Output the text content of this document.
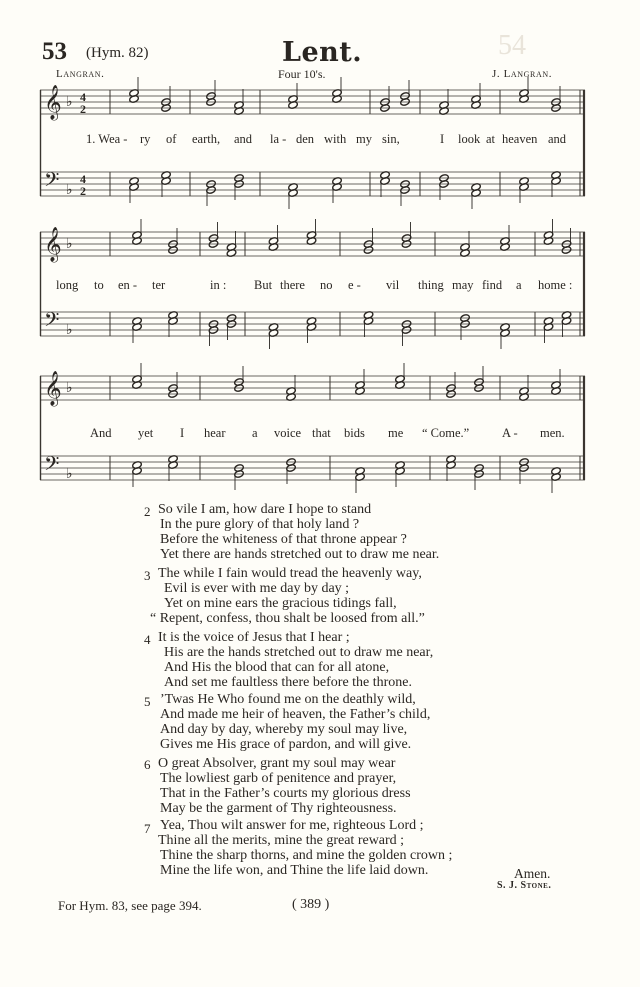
54
53 (Hym. 82)	Lent.
Langran.	Four 10's.	J. Langran.
𝄞
𝄢
♭
♭
4
2
4
2
1. Wea - ry of earth, and la - den with my sin,	I look at heaven and
𝄞
𝄢
♭
♭
long to en - ter	in : But there no e - vil thing may find a home :
𝄞
𝄢
♭
♭
And yet I hear a voice that bids me “ Come.”	A - men.
2 So vile I am, how dare I hope to stand
In the pure glory of that holy land ?
Before the whiteness of that throne appear ?
Yet there are hands stretched out to draw me near.
3 The while I fain would tread the heavenly way,
Evil is ever with me day by day ;
Yet on mine ears the gracious tidings fall,
“ Repent, confess, thou shalt be loosed from all.”
4 It is the voice of Jesus that I hear ;
His are the hands stretched out to draw me near,
And His the blood that can for all atone,
And set me faultless there before the throne.
5 ’Twas He Who found me on the deathly wild,
And made me heir of heaven, the Father’s child,
And day by day, whereby my soul may live,
Gives me His grace of pardon, and will give.
6 O great Absolver, grant my soul may wear
The lowliest garb of penitence and prayer,
That in the Father’s courts my glorious dress
May be the garment of Thy righteousness.
7 Yea, Thou wilt answer for me, righteous Lord ;
Thine all the merits, mine the great reward ;
Thine the sharp thorns, and mine the golden crown ;
Mine the life won, and Thine the life laid down.	Amen.
S. J. Stone.
For Hym. 83, see page 394.	( 389 )
